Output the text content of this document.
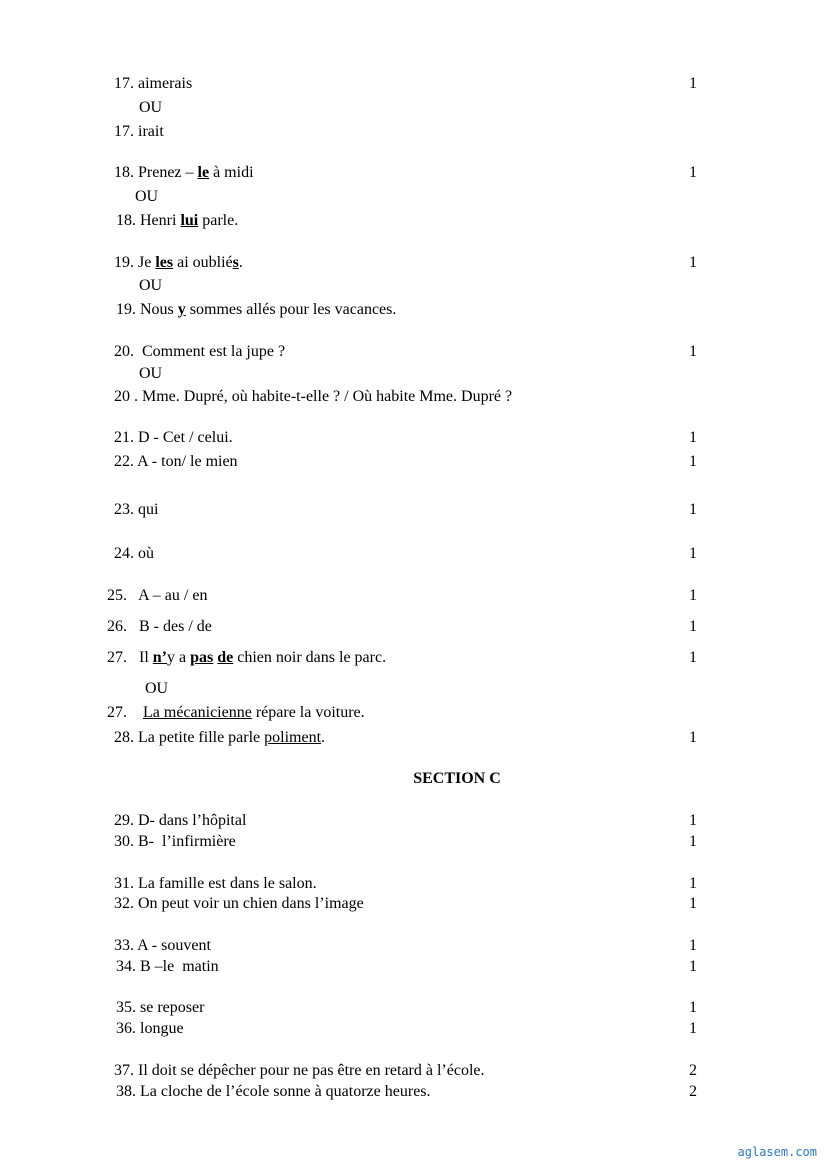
17. aimerais	1
OU
17. irait
18. Prenez – le à midi	1
OU
18. Henri lui parle.
19. Je les ai oubliés.	1
OU
19. Nous y sommes allés pour les vacances.
20. Comment est la jupe ?	1
OU
20 . Mme. Dupré, où habite-t-elle ? / Où habite Mme. Dupré ?
21. D - Cet / celui.	1
22. A - ton/ le mien	1
23. qui	1
24. où	1
25. A – au / en	1
26. B - des / de	1
27. Il n’y a pas de chien noir dans le parc.	1
OU
27. La mécanicienne répare la voiture.
28. La petite fille parle poliment.	1
SECTION C
29. D- dans l’hôpital	1
30. B-  l’infirmière	1
31. La famille est dans le salon.	1
32. On peut voir un chien dans l’image	1
33. A - souvent	1
34. B –le  matin	1
35. se reposer	1
36. longue	1
37. Il doit se dépêcher pour ne pas être en retard à l’école.	2
38. La cloche de l’école sonne à quatorze heures.	2
aglasem.com
